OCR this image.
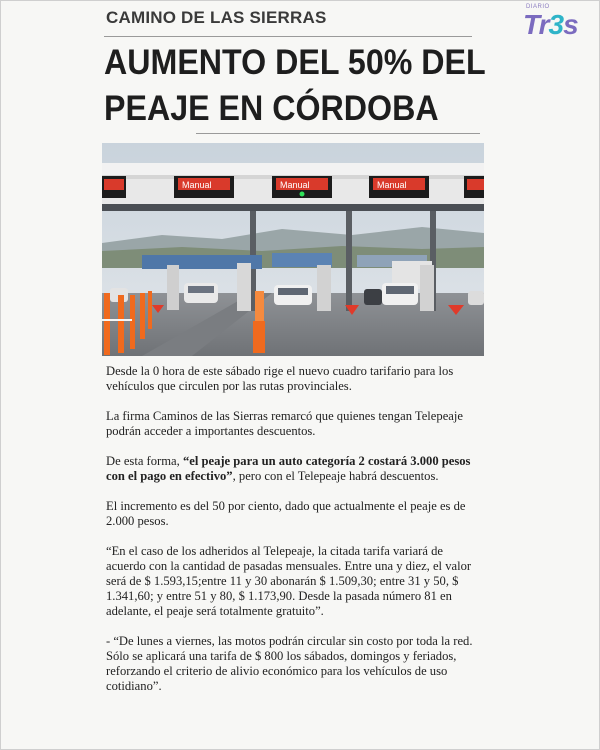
CAMINO DE LAS SIERRAS
AUMENTO DEL 50% DEL
PEAJE EN CÓRDOBA
DIARIO
Tr3s
Manual	Manual	Manual

Desde la 0 hora de este sábado rige el nuevo cuadro tarifario para los vehículos que circulen por las rutas provinciales.

La firma Caminos de las Sierras remarcó que quienes tengan Telepeaje podrán acceder a importantes descuentos.

De esta forma, “el peaje para un auto categoría 2 costará 3.000 pesos con el pago en efectivo”, pero con el Telepeaje habrá descuentos.

El incremento es del 50 por ciento, dado que actualmente el peaje es de 2.000 pesos.

“En el caso de los adheridos al Telepeaje, la citada tarifa variará de acuerdo con la cantidad de pasadas mensuales. Entre una y diez, el valor será de $ 1.593,15;entre 11 y 30 abonarán $ 1.509,30; entre 31 y 50, $ 1.341,60; y entre 51 y 80, $ 1.173,90. Desde la pasada número 81 en adelante, el peaje será totalmente gratuito”.

- “De lunes a viernes, las motos podrán circular sin costo por toda la red. Sólo se aplicará una tarifa de $ 800 los sábados, domingos y feriados, reforzando el criterio de alivio económico para los vehículos de uso cotidiano”.
